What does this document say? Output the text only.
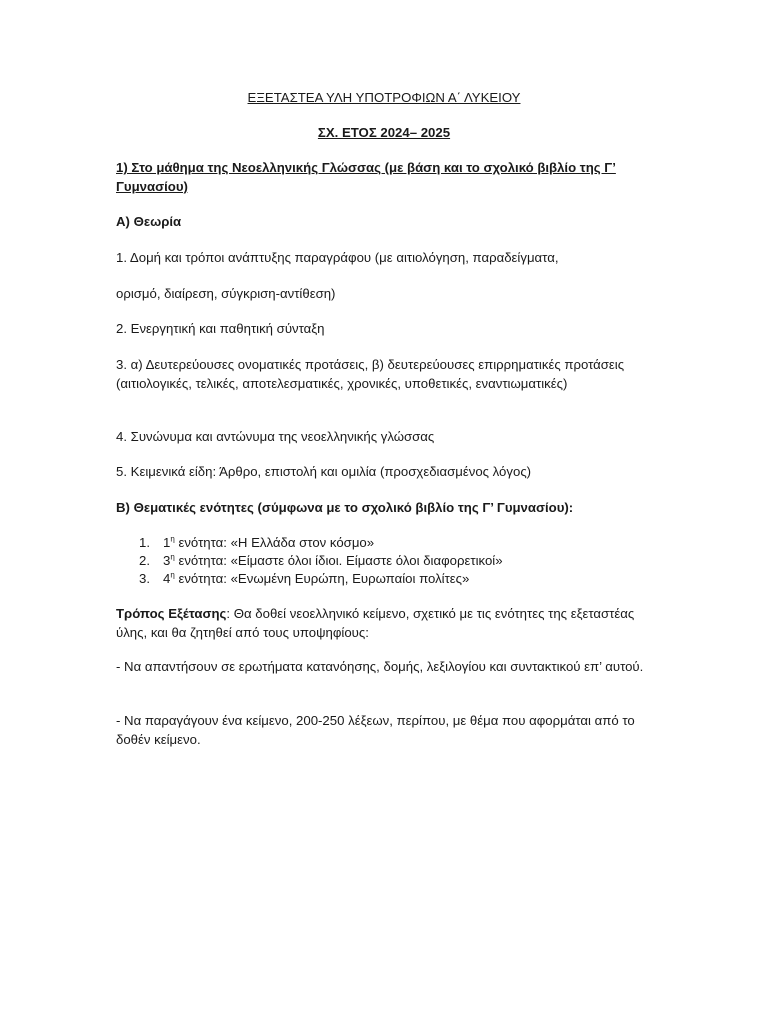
ΕΞΕΤΑΣΤΕΑ ΥΛΗ ΥΠΟΤΡΟΦΙΩΝ Α΄ ΛΥΚΕΙΟΥ

ΣΧ. ΕΤΟΣ 2024– 2025

1) Στο μάθημα της Νεοελληνικής Γλώσσας (με βάση και το σχολικό βιβλίο της Γ’ Γυμνασίου)

Α) Θεωρία

1. Δομή και τρόποι ανάπτυξης παραγράφου (με αιτιολόγηση, παραδείγματα,

ορισμό, διαίρεση, σύγκριση-αντίθεση)

2. Ενεργητική και παθητική σύνταξη

3. α) Δευτερεύουσες ονοματικές προτάσεις, β) δευτερεύουσες επιρρηματικές προτάσεις (αιτιολογικές, τελικές, αποτελεσματικές, χρονικές, υποθετικές, εναντιωματικές)

4. Συνώνυμα και αντώνυμα της νεοελληνικής γλώσσας

5. Κειμενικά είδη: Άρθρο, επιστολή και ομιλία (προσχεδιασμένος λόγος)

Β) Θεματικές ενότητες (σύμφωνα με το σχολικό βιβλίο της Γ’ Γυμνασίου):

1. $1^\eta$ ενότητα: «Η Ελλάδα στον κόσμο»
2. $3^\eta$ ενότητα: «Είμαστε όλοι ίδιοι. Είμαστε όλοι διαφορετικοί»
3. $4^\eta$ ενότητα: «Ενωμένη Ευρώπη, Ευρωπαίοι πολίτες»

Τρόπος Εξέτασης: Θα δοθεί νεοελληνικό κείμενο, σχετικό με τις ενότητες της εξεταστέας ύλης, και θα ζητηθεί από τους υποψηφίους:

- Να απαντήσουν σε ερωτήματα κατανόησης, δομής, λεξιλογίου και συντακτικού επ’ αυτού.

- Να παραγάγουν ένα κείμενο, 200-250 λέξεων, περίπου, με θέμα που αφορμάται από το δοθέν κείμενο.
